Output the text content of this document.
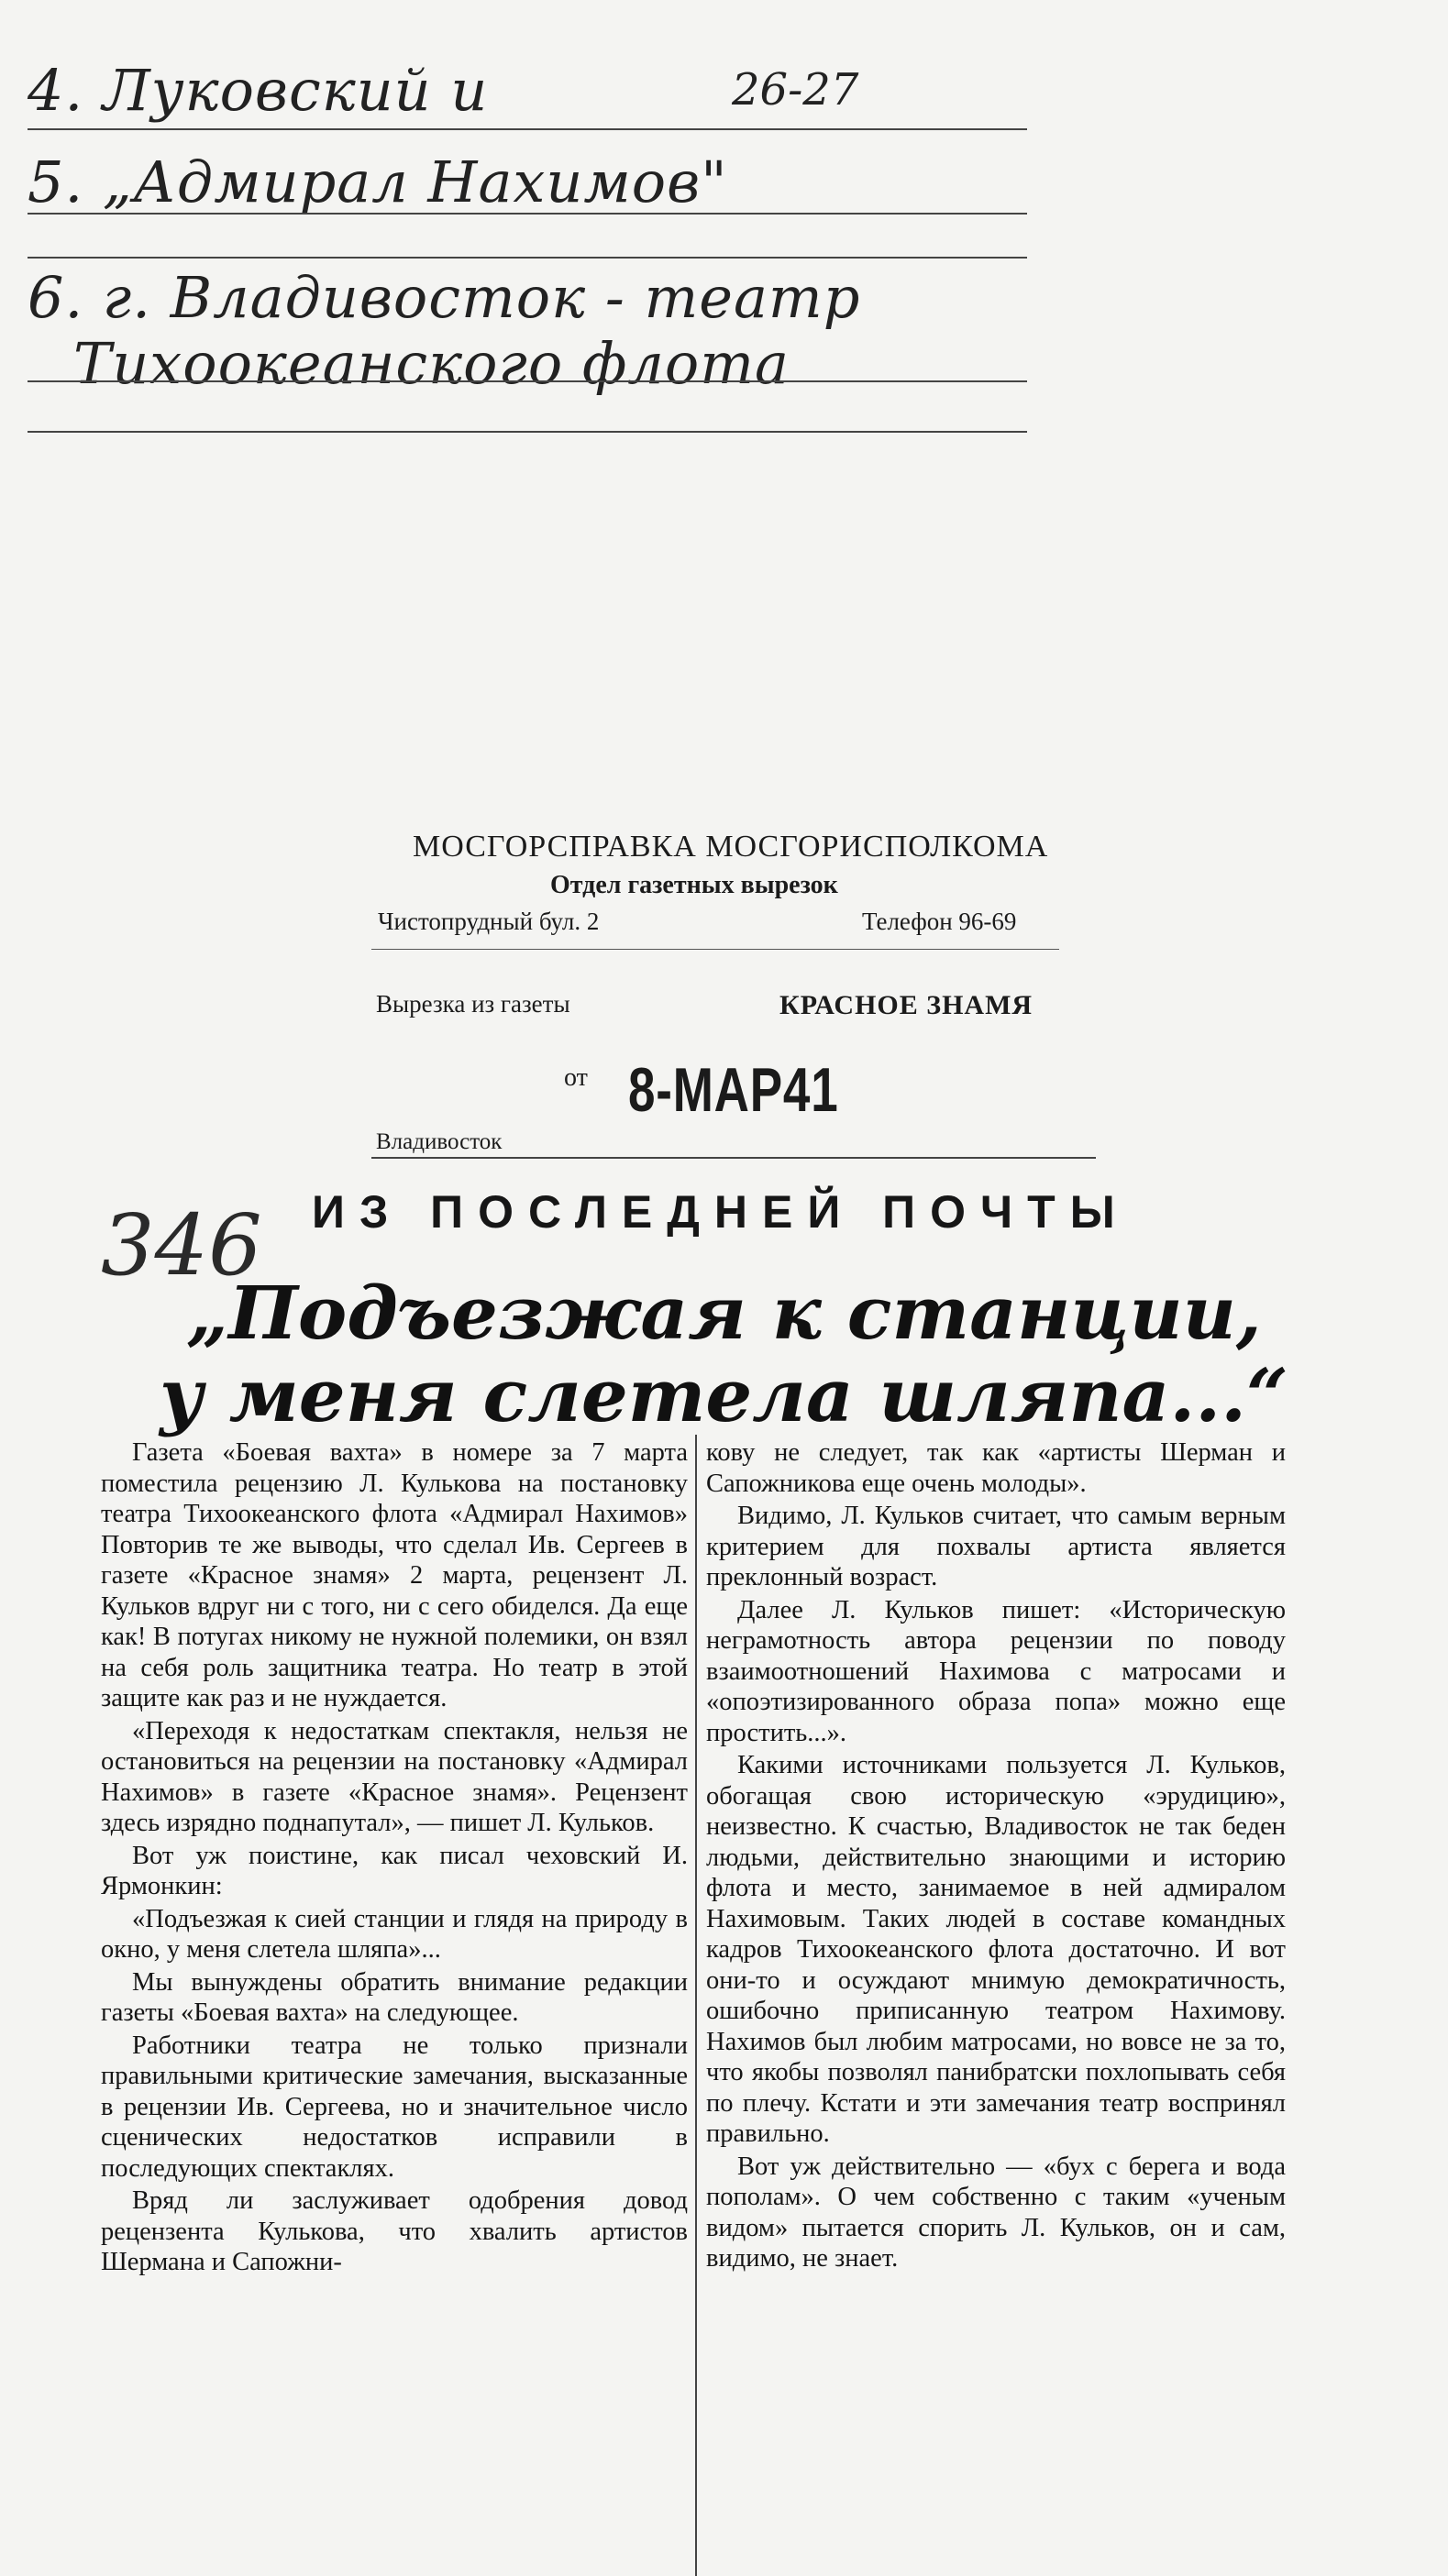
4. Луковский и	26-27
5. „Адмирал Нахимов"
6. г. Владивосток - театр
Тихоокеанского флота
МОСГОРСПРАВКА МОСГОРИСПОЛКОМА
Отдел газетных вырезок
Чистопрудный бул. 2	Телефон 96-69
Вырезка из газеты	КРАСНОЕ ЗНАМЯ
от 8-МАР41
Владивосток
346 ИЗ ПОСЛЕДНЕЙ ПОЧТЫ
„Подъезжая к станции,
у меня слетела шляпа...“

Газета «Боевая вахта» в номере за 7 марта поместила рецензию Л. Кулькова на постановку театра Тихоокеанского флота «Адмирал Нахимов» Повторив те же выводы, что сделал Ив. Сергеев в газете «Красное знамя» 2 марта, рецензент Л. Кульков вдруг ни с того, ни с сего обиделся. Да еще как! В потугах никому не нужной полемики, он взял на себя роль защитника театра. Но театр в этой защите как раз и не нуждается.

«Переходя к недостаткам спектакля, нельзя не остановиться на рецензии на постановку «Адмирал Нахимов» в газете «Красное знамя». Рецензент здесь изрядно поднапутал», — пишет Л. Кульков.

Вот уж поистине, как писал чеховский И. Ярмонкин:

«Подъезжая к сией станции и глядя на природу в окно, у меня слетела шляпа»...

Мы вынуждены обратить внимание редакции газеты «Боевая вахта» на следующее.

Работники театра не только признали правильными критические замечания, высказанные в рецензии Ив. Сергеева, но и значительное число сценических недостатков исправили в последующих спектаклях.

Вряд ли заслуживает одобрения довод рецензента Кулькова, что хвалить артистов Шермана и Сапожни-

кову не следует, так как «артисты Шерман и Сапожникова еще очень молоды».

Видимо, Л. Кульков считает, что самым верным критерием для похвалы артиста является преклонный возраст.

Далее Л. Кульков пишет: «Историческую неграмотность автора рецензии по поводу взаимоотношений Нахимова с матросами и «опоэтизированного образа попа» можно еще простить...».

Какими источниками пользуется Л. Кульков, обогащая свою историческую «эрудицию», неизвестно. К счастью, Владивосток не так беден людьми, действительно знающими и историю флота и место, занимаемое в ней адмиралом Нахимовым. Таких людей в составе командных кадров Тихоокеанского флота достаточно. И вот они-то и осуждают мнимую демократичность, ошибочно приписанную театром Нахимову. Нахимов был любим матросами, но вовсе не за то, что якобы позволял панибратски похлопывать себя по плечу. Кстати и эти замечания театр воспринял правильно.

Вот уж действительно — «бух с берега и вода пополам». О чем собственно с таким «ученым видом» пытается спорить Л. Кульков, он и сам, видимо, не знает.
